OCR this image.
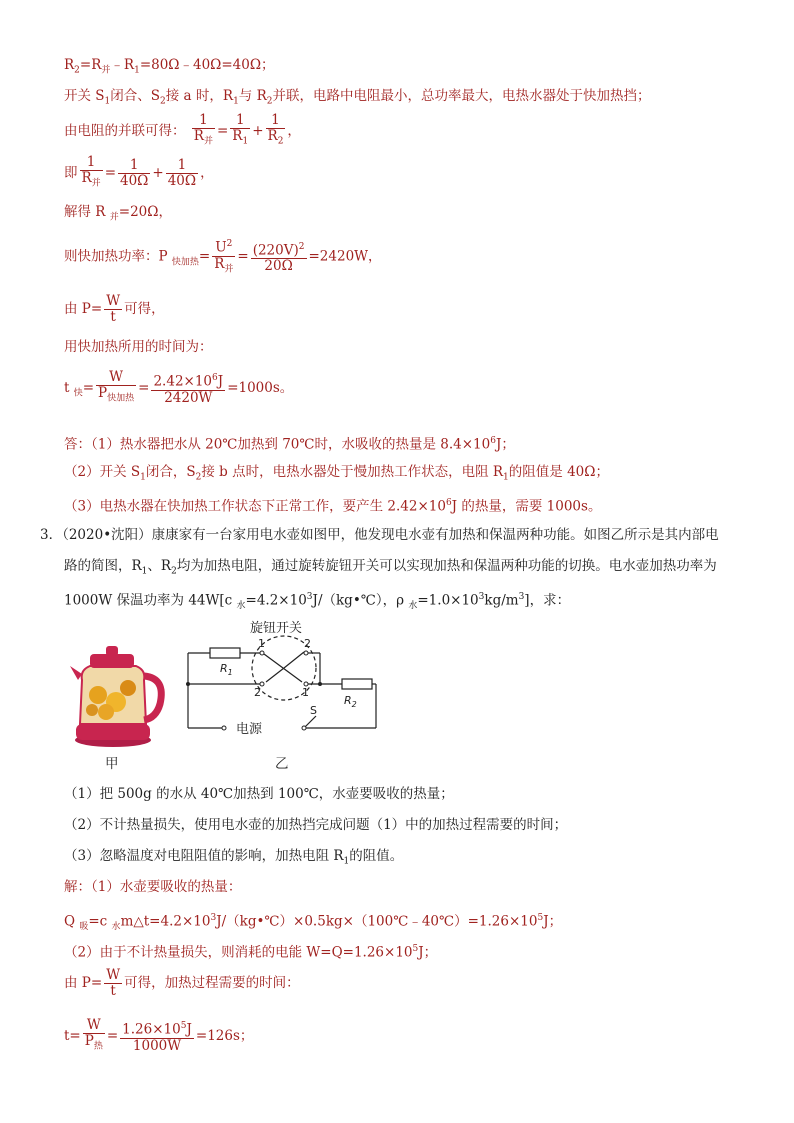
$R_2=R_并﹣R_1=80\Omega﹣40\Omega=40\Omega$；
开关 $S_1$闭合、$S_2$接 a 时，$R_1$与 $R_2$并联，电路中电阻最小，总功率最大，电热水器处于快加热挡；
由电阻的并联可得： $\frac{1}{R_并} = \frac{1}{R_1} + \frac{1}{R_2}$ ，
即 $\frac{1}{R_并} = \frac{1}{40\Omega} + \frac{1}{40\Omega}$ ，
解得 R $_并$=20Ω，
则快加热功率：P $_{快加热}= \frac{U^2}{R_并} = \frac{(220V)^2}{20\Omega} =2420W$，
由 $P= \frac{W}{t}$ 可得，
用快加热所用的时间为：
t $_快= \frac{W}{P_{快加热}} = \frac{2.42\times 10^6J}{2420W} =1000s$。
答：（1）热水器把水从 20℃加热到 70℃时，水吸收的热量是 $8.4\times 10^6J$；
（2）开关 $S_1$闭合，$S_2$接 b 点时，电热水器处于慢加热工作状态，电阻 $R_1$的阻值是 40Ω；
（3）电热水器在快加热工作状态下正常工作，要产生 $2.42\times 10^6J$ 的热量，需要 1000s。
3．（2020•沈阳）康康家有一台家用电水壶如图甲，他发现电水壶有加热和保温两种功能。如图乙所示是其内部电
路的简图，$R_1$、$R_2$均为加热电阻，通过旋转旋钮开关可以实现加热和保温两种功能的切换。电水壶加热功率为
1000W 保温功率为 44W[c $_水=4.2\times 10^3J/(kg•℃)$，ρ $_水=1.0\times 10^3kg/m^3$]，求：
甲
旋钮开关
$R_1$
$R_2$
1	2
2	1
电源
S
乙
（1）把 500g 的水从 40℃加热到 100℃，水壶要吸收的热量；
（2）不计热量损失，使用电水壶的加热挡完成问题（1）中的加热过程需要的时间；
（3）忽略温度对电阻阻值的影响，加热电阻 $R_1$的阻值。
解：（1）水壶要吸收的热量：
Q $_吸$=c $_水m\triangle t=4.2\times 10^3J/(kg•℃)\times 0.5kg\times(100℃﹣40℃)=1.26\times 10^5J$；
（2）由于不计热量损失，则消耗的电能 $W=Q=1.26\times 10^5J$；
由 $P= \frac{W}{t}$ 可得，加热过程需要的时间：
$t= \frac{W}{P_热} = \frac{1.26\times 10^5J}{1000W} =126s$；
